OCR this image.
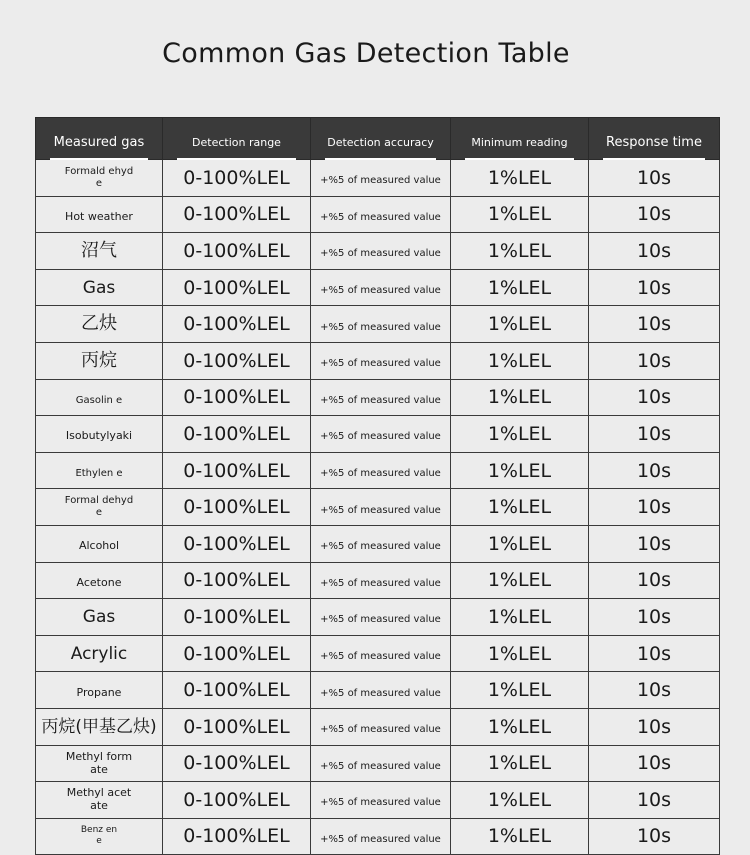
Common Gas Detection Table
Measured gas	Detection range	Detection accuracy	Minimum reading	Response time
Formald ehyde	0-100%LEL	+%5 of measured value	1%LEL	10s
Hot weather	0-100%LEL	+%5 of measured value	1%LEL	10s
沼气	0-100%LEL	+%5 of measured value	1%LEL	10s
Gas	0-100%LEL	+%5 of measured value	1%LEL	10s
乙炔	0-100%LEL	+%5 of measured value	1%LEL	10s
丙烷	0-100%LEL	+%5 of measured value	1%LEL	10s
Gasolin e	0-100%LEL	+%5 of measured value	1%LEL	10s
Isobutylyaki	0-100%LEL	+%5 of measured value	1%LEL	10s
Ethylen e	0-100%LEL	+%5 of measured value	1%LEL	10s
Formal dehyde	0-100%LEL	+%5 of measured value	1%LEL	10s
Alcohol	0-100%LEL	+%5 of measured value	1%LEL	10s
Acetone	0-100%LEL	+%5 of measured value	1%LEL	10s
Gas	0-100%LEL	+%5 of measured value	1%LEL	10s
Acrylic	0-100%LEL	+%5 of measured value	1%LEL	10s
Propane	0-100%LEL	+%5 of measured value	1%LEL	10s
丙烷(甲基乙炔)	0-100%LEL	+%5 of measured value	1%LEL	10s
Methyl formate	0-100%LEL	+%5 of measured value	1%LEL	10s
Methyl acetate	0-100%LEL	+%5 of measured value	1%LEL	10s
Benz ene	0-100%LEL	+%5 of measured value	1%LEL	10s
